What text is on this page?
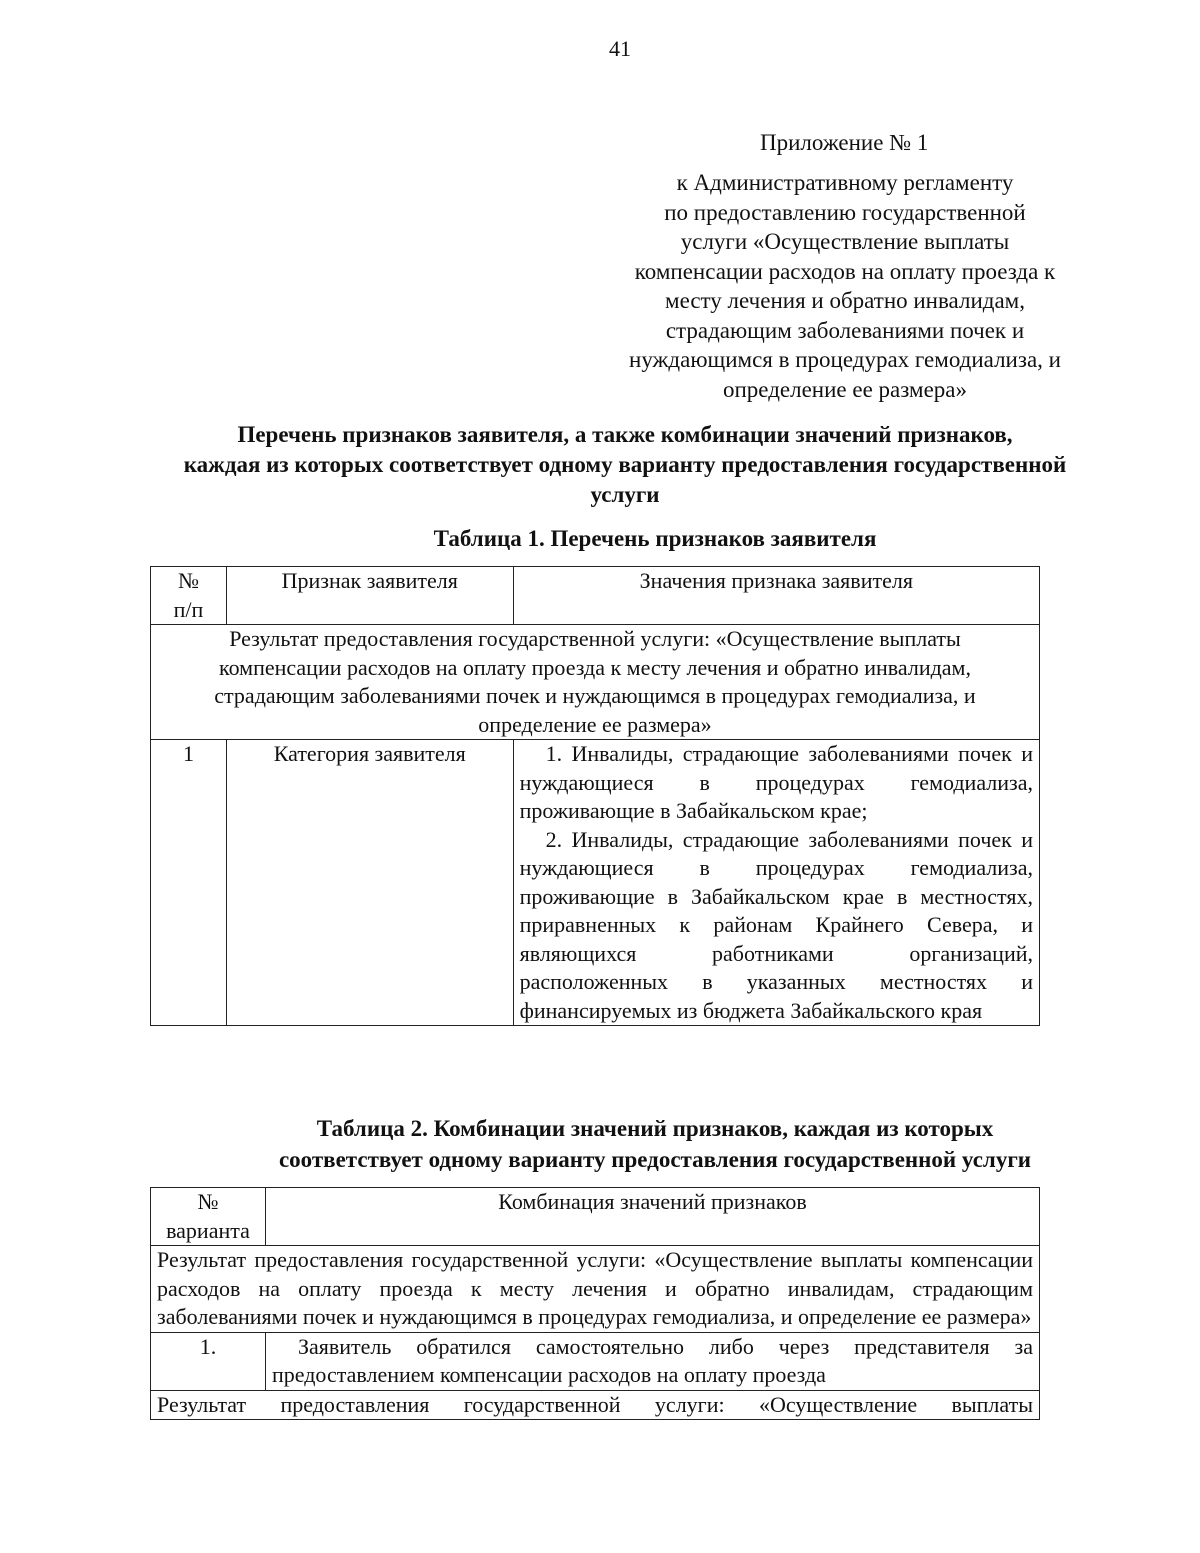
41
Приложение № 1
к Административному регламенту
по предоставлению государственной
услуги «Осуществление выплаты
компенсации расходов на оплату проезда к
месту лечения и обратно инвалидам,
страдающим заболеваниями почек и
нуждающимся в процедурах гемодиализа, и
определение ее размера»
Перечень признаков заявителя, а также комбинации значений признаков,
каждая из которых соответствует одному варианту предоставления государственной
услуги
Таблица 1. Перечень признаков заявителя
№
п/п	Признак заявителя	Значения признака заявителя

Результат предоставления государственной услуги: «Осуществление выплаты
компенсации расходов на оплату проезда к месту лечения и обратно инвалидам,
страдающим заболеваниями почек и нуждающимся в процедурах гемодиализа, и
определение ее размера»		

1	Категория заявителя	1. Инвалиды, страдающие заболеваниями почек и нуждающиеся в процедурах гемодиализа, проживающие в Забайкальском крае;

2. Инвалиды, страдающие заболеваниями почек и нуждающиеся в процедурах гемодиализа, проживающие в Забайкальском крае в местностях, приравненных к районам Крайнего Севера, и являющихся работниками организаций, расположенных в указанных местностях и финансируемых из бюджета Забайкальского края

Таблица 2. Комбинации значений признаков, каждая из которых
соответствует одному варианту предоставления государственной услуги
№
варианта	Комбинация значений признаков
Результат предоставления государственной услуги: «Осуществление выплаты компенсации расходов на оплату проезда к месту лечения и обратно инвалидам, страдающим заболеваниями почек и нуждающимся в процедурах гемодиализа, и определение ее размера»	
1.	Заявитель обратился самостоятельно либо через представителя за предоставлением компенсации расходов на оплату проезда
Результат предоставления государственной услуги: «Осуществление выплаты	
